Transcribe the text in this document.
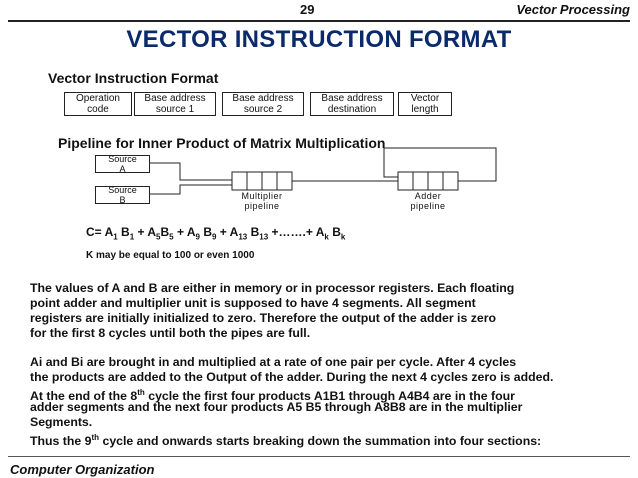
29	Vector Processing
VECTOR INSTRUCTION FORMAT
Vector Instruction Format
Operation
code
Base address
source 1
Base address
source 2
Base address
destination
Vector
length
Pipeline for Inner Product of Matrix Multiplication
Source
A
Source
B	Multiplier
pipeline
Adder
pipeline
$C= A_1$ $B_1 + A_5B_5 + A_9$ $B_9 + A_{13}$ $B_{13}$ +…….+ $A_k$ $B_k$
K may be equal to 100 or even 1000
The values of A and B are either in memory or in processor registers. Each floating
point adder and multiplier unit is supposed to have 4 segments. All segment
registers are initially initialized to zero. Therefore the output of the adder is zero
for the first 8 cycles until both the pipes are full.
Ai and Bi are brought in and multiplied at a rate of one pair per cycle. After 4 cycles
the products are added to the Output of the adder. During the next 4 cycles zero is added.
At the end of the 8th cycle the first four products A1B1 through A4B4 are in the four
adder segments and the next four products A5 B5 through A8B8 are in the multiplier
Segments.
Thus the 9th cycle and onwards starts breaking down the summation into four sections:
Computer Organization
